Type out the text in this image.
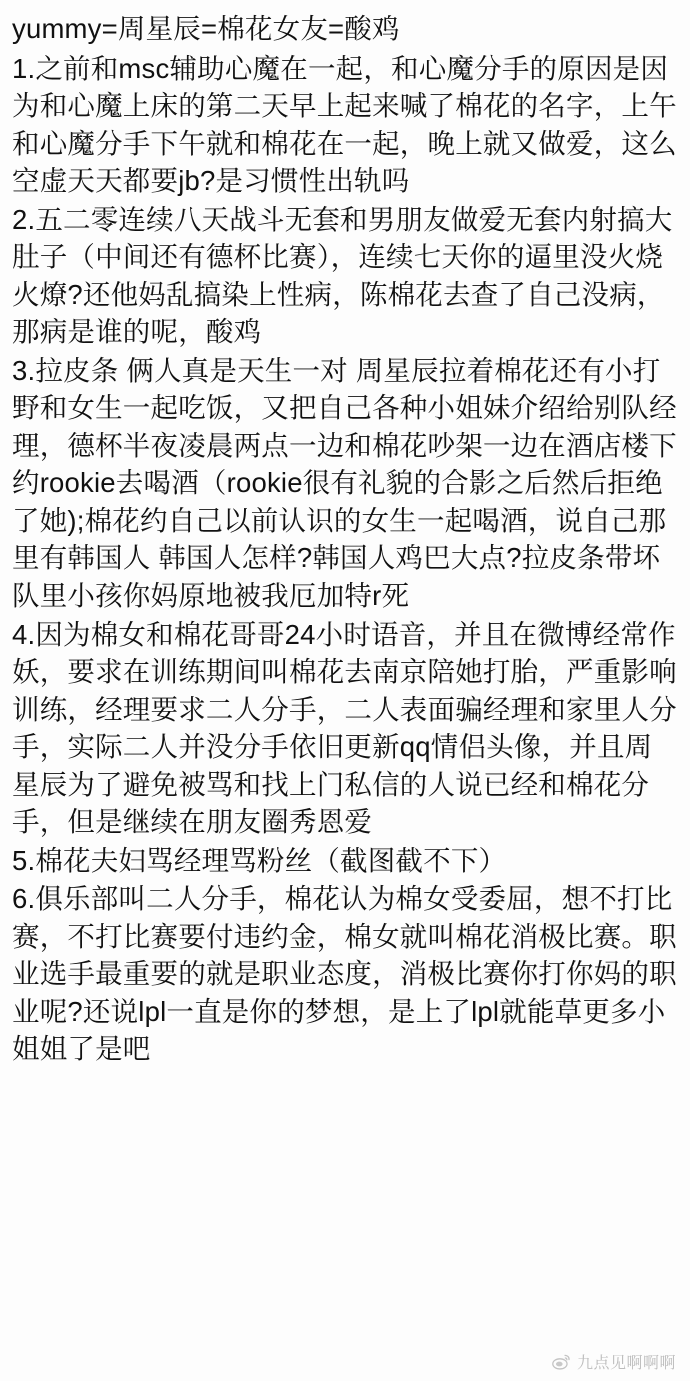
yummy=周星辰=棉花女友=酸鸡

1.之前和msc辅助心魔在一起，和心魔分手的原因是因为和心魔上床的第二天早上起来喊了棉花的名字，上午和心魔分手下午就和棉花在一起，晚上就又做爱，这么空虚天天都要jb?是习惯性出轨吗

2.五二零连续八天战斗无套和男朋友做爱无套内射搞大肚子（中间还有德杯比赛），连续七天你的逼里没火烧火燎?还他妈乱搞染上性病，陈棉花去查了自己没病，那病是谁的呢，酸鸡

3.拉皮条 俩人真是天生一对 周星辰拉着棉花还有小打野和女生一起吃饭，又把自己各种小姐妹介绍给别队经理，德杯半夜凌晨两点一边和棉花吵架一边在酒店楼下约rookie去喝酒（rookie很有礼貌的合影之后然后拒绝了她);棉花约自己以前认识的女生一起喝酒，说自己那里有韩国人 韩国人怎样?韩国人鸡巴大点?拉皮条带坏队里小孩你妈原地被我厄加特r死

4.因为棉女和棉花哥哥24小时语音，并且在微博经常作妖，要求在训练期间叫棉花去南京陪她打胎，严重影响训练，经理要求二人分手，二人表面骗经理和家里人分手，实际二人并没分手依旧更新qq情侣头像，并且周星辰为了避免被骂和找上门私信的人说已经和棉花分手，但是继续在朋友圈秀恩爱

5.棉花夫妇骂经理骂粉丝（截图截不下）

6.俱乐部叫二人分手，棉花认为棉女受委屈，想不打比赛，不打比赛要付违约金，棉女就叫棉花消极比赛。职业选手最重要的就是职业态度，消极比赛你打你妈的职业呢?还说lpl一直是你的梦想，是上了lpl就能草更多小姐姐了是吧

九点见啊啊啊
